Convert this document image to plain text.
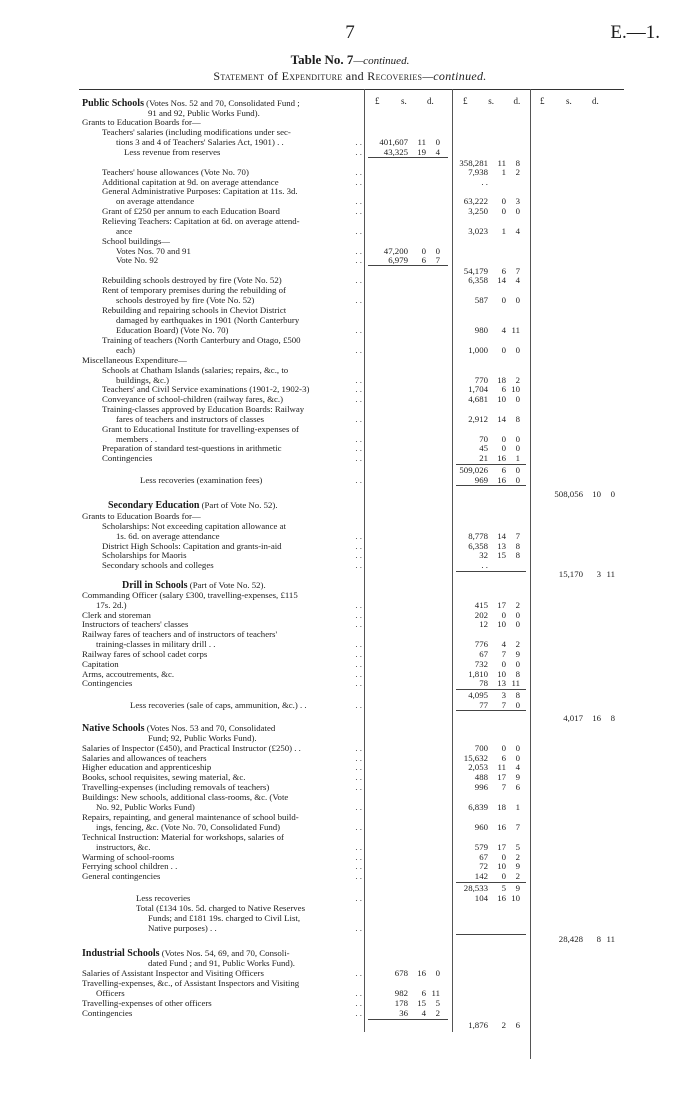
7	E.—1.
Table No. 7—continued.
Statement of Expenditure and Recoveries—continued.
£	s.	d.	£	s.	d.	£	s.	d.
Public Schools (Votes Nos. 52 and 70, Consolidated Fund ;
91 and 92, Public Works Fund).
Grants to Education Boards for—
Teachers' salaries (including modifications under sec-
tions 3 and 4 of Teachers' Salaries Act, 1901) . .	. .	401,607	11	0
Less revenue from reserves	. .	43,325	19	4
358,281	11	8
Teachers' house allowances (Vote No. 70)	. .	7,938	1	2
Additional capitation at 9d. on average attendance	. .	. .
General Administrative Purposes: Capitation at 11s. 3d.
on average attendance	. .	63,222	0	3
Grant of £250 per annum to each Education Board	. .	3,250	0	0
Relieving Teachers: Capitation at 6d. on average attend-
ance	. .	3,023	1	4
School buildings—
Votes Nos. 70 and 91	. .	47,200	0	0
Vote No. 92	. .	6,979	6	7
54,179	6	7
Rebuilding schools destroyed by fire (Vote No. 52)	. .	6,358	14	4
Rent of temporary premises during the rebuilding of
schools destroyed by fire (Vote No. 52)	. .	587	0	0
Rebuilding and repairing schools in Cheviot District
damaged by earthquakes in 1901 (North Canterbury
Education Board) (Vote No. 70)	. .	980	4 11
Training of teachers (North Canterbury and Otago, £500
each)	. .	1,000	0	0
Miscellaneous Expenditure—
Schools at Chatham Islands (salaries; repairs, &c., to
buildings, &c.)	. .	770	18	2
Teachers' and Civil Service examinations (1901-2, 1902-3)	. .	1,704	6 10
Conveyance of school-children (railway fares, &c.)	. .	4,681	10	0
Training-classes approved by Education Boards: Railway
fares of teachers and instructors of classes	. .	2,912	14	8
Grant to Educational Institute for travelling-expenses of
members . .	. .	70	0	0
Preparation of standard test-questions in arithmetic	. .	45	0	0
Contingencies	. .	21	16	1
509,026	6	0
Less recoveries (examination fees)	. .	969	16	0
508,056	10	0
Secondary Education (Part of Vote No. 52).
Grants to Education Boards for—
Scholarships: Not exceeding capitation allowance at
1s. 6d. on average attendance	. .	8,778	14	7
District High Schools: Capitation and grants-in-aid	. .	6,358	13	8
Scholarships for Maoris	. .	32	15	8
Secondary schools and colleges	. .	. .
15,170	3 11
Drill in Schools (Part of Vote No. 52).
Commanding Officer (salary £300, travelling-expenses, £115
17s. 2d.)	. .	415	17	2
Clerk and storeman	. .	202	0	0
Instructors of teachers' classes	. .	12	10	0
Railway fares of teachers and of instructors of teachers'
training-classes in military drill . .	. .	776	4	2
Railway fares of school cadet corps	. .	67	7	9
Capitation	. .	732	0	0
Arms, accoutrements, &c.	. .	1,810	10	8
Contingencies	. .	78	13 11
4,095	3	8
Less recoveries (sale of caps, ammunition, &c.) . .	. .	77	7	0
4,017	16	8
Native Schools (Votes Nos. 53 and 70, Consolidated
Fund; 92, Public Works Fund).
Salaries of Inspector (£450), and Practical Instructor (£250) . .	. .	700	0	0
Salaries and allowances of teachers	. .	15,632	6	0
Higher education and apprenticeship	. .	2,053	11	4
Books, school requisites, sewing material, &c.	. .	488	17	9
Travelling-expenses (including removals of teachers)	. .	996	7	6
Buildings: New schools, additional class-rooms, &c. (Vote
No. 92, Public Works Fund)	. .	6,839	18	1
Repairs, repainting, and general maintenance of school build-
ings, fencing, &c. (Vote No. 70, Consolidated Fund)	. .	960	16	7
Technical Instruction: Material for workshops, salaries of
instructors, &c.	. .	579	17	5
Warming of school-rooms	. .	67	0	2
Ferrying school children . .	. .	72	10	9
General contingencies	. .	142	0	2
28,533	5	9
Less recoveries	. .	104	16 10
Total (£134 10s. 5d. charged to Native Reserves
Funds; and £181 19s. charged to Civil List,
Native purposes) . .	. .
28,428	8 11
Industrial Schools (Votes Nos. 54, 69, and 70, Consoli-
dated Fund ; and 91, Public Works Fund).
Salaries of Assistant Inspector and Visiting Officers	. .	678	16	0
Travelling-expenses, &c., of Assistant Inspectors and Visiting
Officers	. .	982	6 11
Travelling-expenses of other officers	. .	178	15	5
Contingencies	. .	36	4	2
1,876	2	6
